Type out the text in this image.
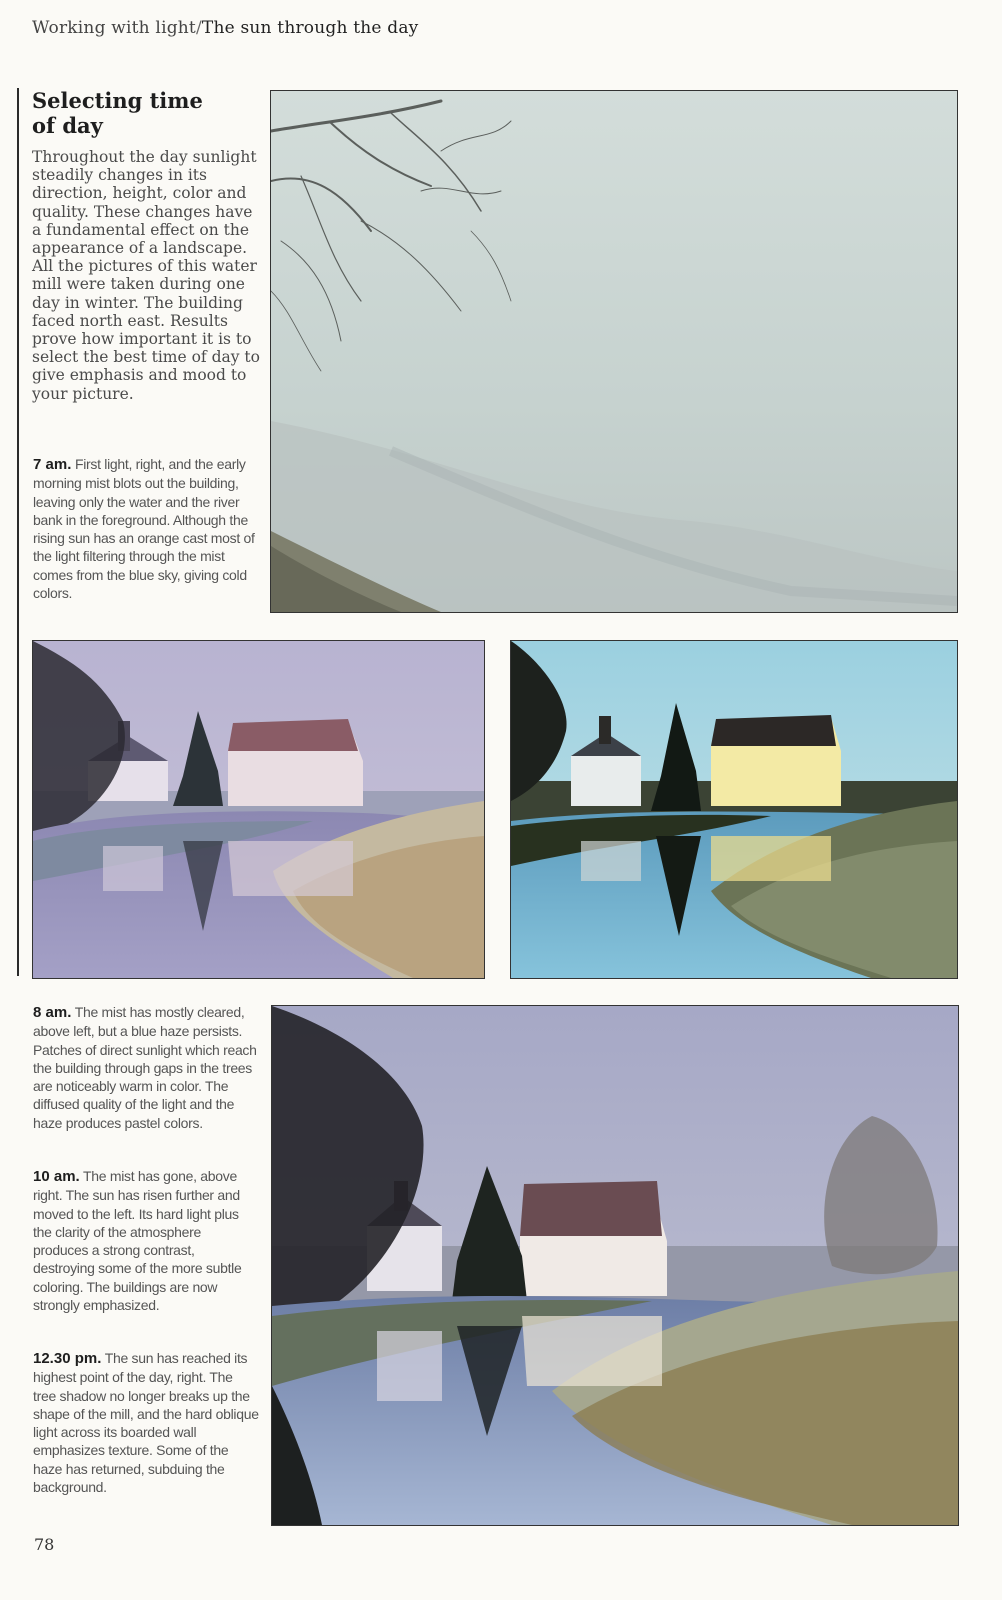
Working with light/The sun through the day
Selecting time
of day

Throughout the day sunlight steadily changes in its direction, height, color and quality. These changes have a fundamental effect on the appearance of a landscape. All the pictures of this water mill were taken during one day in winter. The building faced north east. Results prove how important it is to select the best time of day to give emphasis and mood to your picture.

7 am. First light, right, and the early morning mist blots out the building, leaving only the water and the river bank in the foreground. Although the rising sun has an orange cast most of the light filtering through the mist comes from the blue sky, giving cold colors.

8 am. The mist has mostly cleared, above left, but a blue haze persists. Patches of direct sunlight which reach the building through gaps in the trees are noticeably warm in color. The diffused quality of the light and the haze produces pastel colors.

10 am. The mist has gone, above right. The sun has risen further and moved to the left. Its hard light plus the clarity of the atmosphere produces a strong contrast, destroying some of the more subtle coloring. The buildings are now strongly emphasized.

12.30 pm. The sun has reached its highest point of the day, right. The tree shadow no longer breaks up the shape of the mill, and the hard oblique light across its boarded wall emphasizes texture. Some of the haze has returned, subduing the background.

78
